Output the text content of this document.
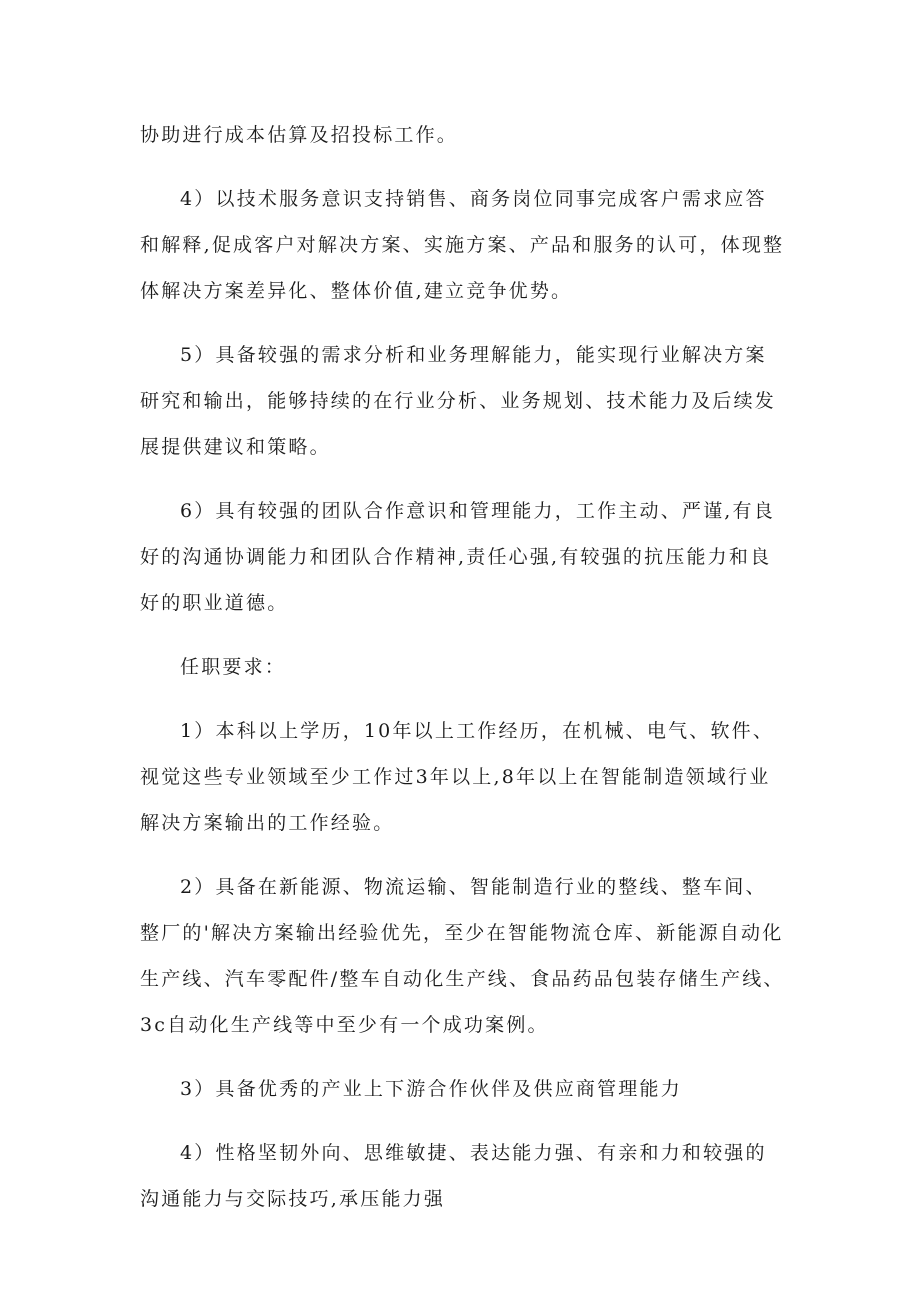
协助进行成本估算及招投标工作。

4）以技术服务意识支持销售、商务岗位同事完成客户需求应答和解释,促成客户对解决方案、实施方案、产品和服务的认可，体现整体解决方案差异化、整体价值,建立竞争优势。

5）具备较强的需求分析和业务理解能力，能实现行业解决方案研究和输出，能够持续的在行业分析、业务规划、技术能力及后续发展提供建议和策略。

6）具有较强的团队合作意识和管理能力，工作主动、严谨,有良好的沟通协调能力和团队合作精神,责任心强,有较强的抗压能力和良好的职业道德。

任职要求：

1）本科以上学历，10年以上工作经历，在机械、电气、软件、视觉这些专业领域至少工作过3年以上,8年以上在智能制造领域行业解决方案输出的工作经验。

2）具备在新能源、物流运输、智能制造行业的整线、整车间、整厂的'解决方案输出经验优先，至少在智能物流仓库、新能源自动化生产线、汽车零配件/整车自动化生产线、食品药品包装存储生产线、3c自动化生产线等中至少有一个成功案例。

3）具备优秀的产业上下游合作伙伴及供应商管理能力

4）性格坚韧外向、思维敏捷、表达能力强、有亲和力和较强的沟通能力与交际技巧,承压能力强
